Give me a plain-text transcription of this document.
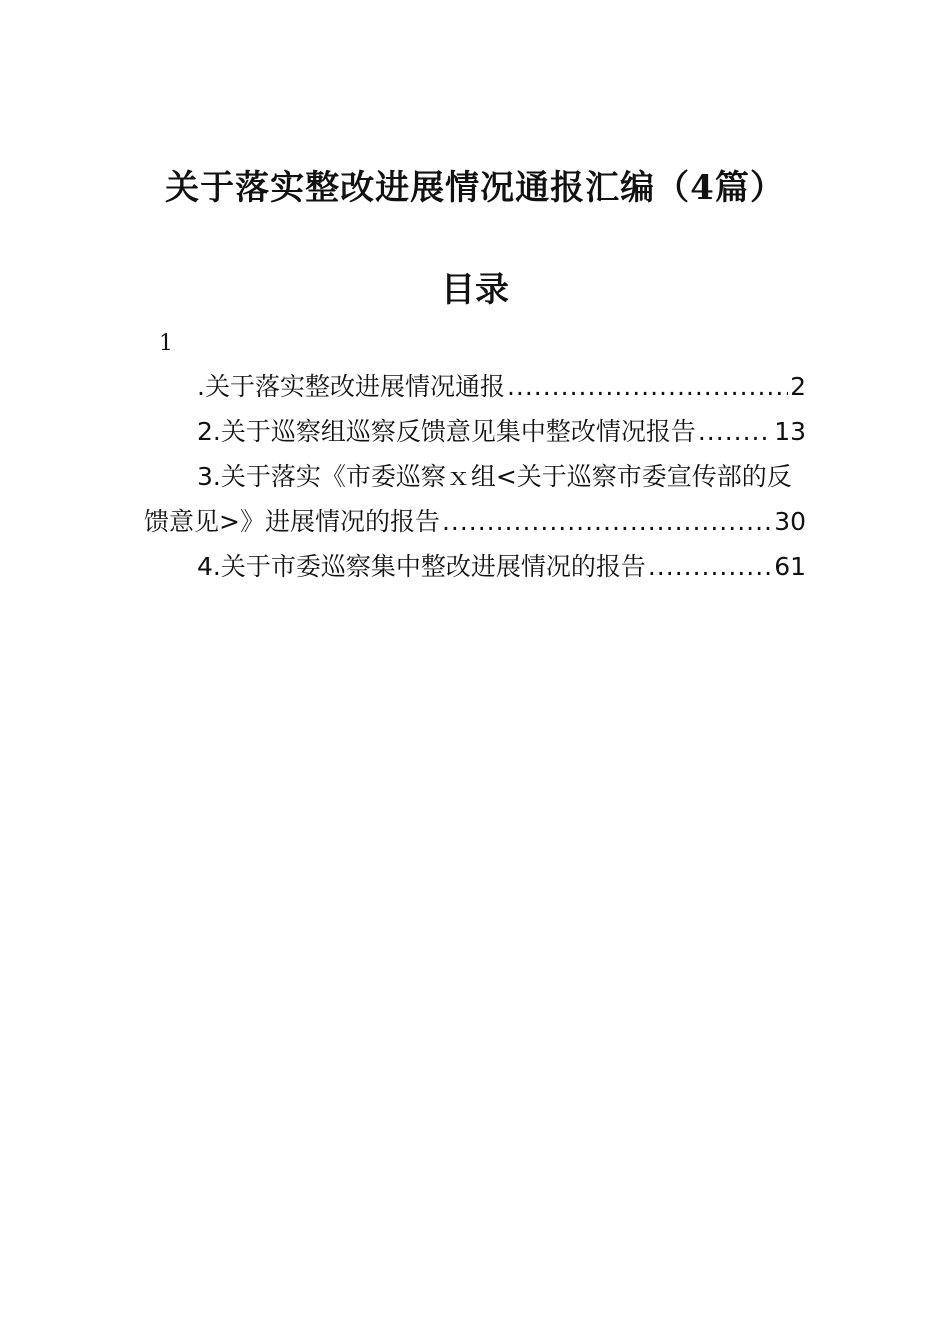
关于落实整改进展情况通报汇编（4篇）
目录
1
.关于落实整改进展情况通报 .....	2
2.关于巡察组巡察反馈意见集中整改情况报告 .....	13
3.关于落实《市委巡察ｘ组<关于巡察市委宣传部的反
馈意见>》进展情况的报告 .....	30
4.关于市委巡察集中整改进展情况的报告 .....	61
